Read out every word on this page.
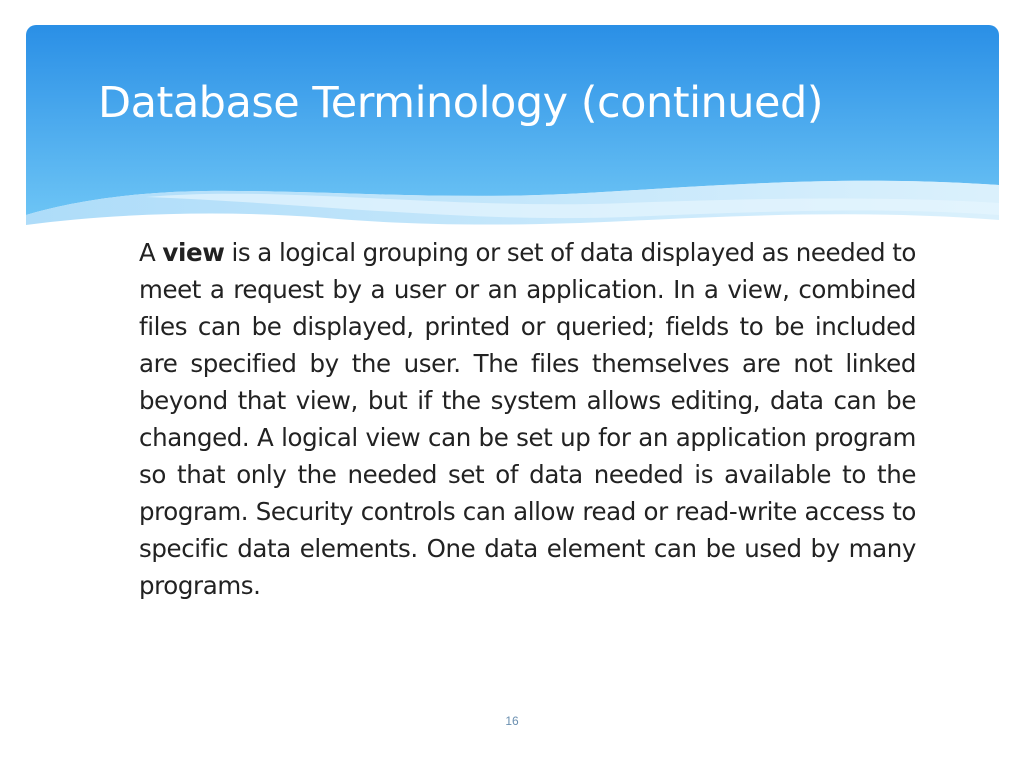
Database Terminology (continued)

A view is a logical grouping or set of data displayed as needed to meet a request by a user or an application. In a view, combined files can be displayed, printed or queried; fields to be included are specified by the user. The files themselves are not linked beyond that view, but if the system allows editing, data can be changed. A logical view can be set up for an application program so that only the needed set of data needed is available to the program. Security controls can allow read or read-write access to specific data elements. One data element can be used by many programs.

16
